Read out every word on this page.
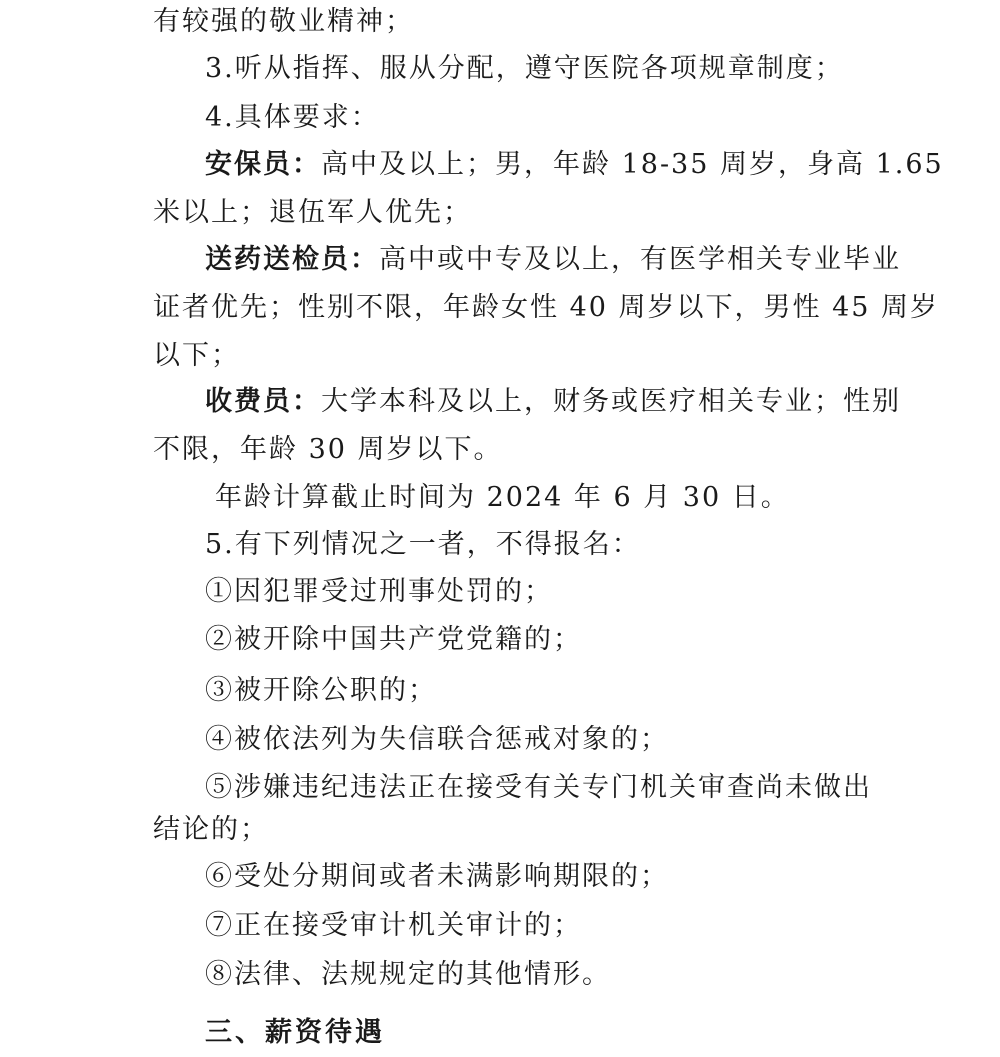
有较强的敬业精神；
3.听从指挥、服从分配，遵守医院各项规章制度；
4.具体要求：
安保员：高中及以上；男，年龄 18-35 周岁，身高 1.65
米以上；退伍军人优先；
送药送检员：高中或中专及以上，有医学相关专业毕业
证者优先；性别不限，年龄女性 40 周岁以下，男性 45 周岁
以下；
收费员：大学本科及以上，财务或医疗相关专业；性别
不限，年龄 30 周岁以下。
年龄计算截止时间为 2024 年 6 月 30 日。
5.有下列情况之一者，不得报名：
①因犯罪受过刑事处罚的；
②被开除中国共产党党籍的；
③被开除公职的；
④被依法列为失信联合惩戒对象的；
⑤涉嫌违纪违法正在接受有关专门机关审查尚未做出
结论的；
⑥受处分期间或者未满影响期限的；
⑦正在接受审计机关审计的；
⑧法律、法规规定的其他情形。
三、薪资待遇
